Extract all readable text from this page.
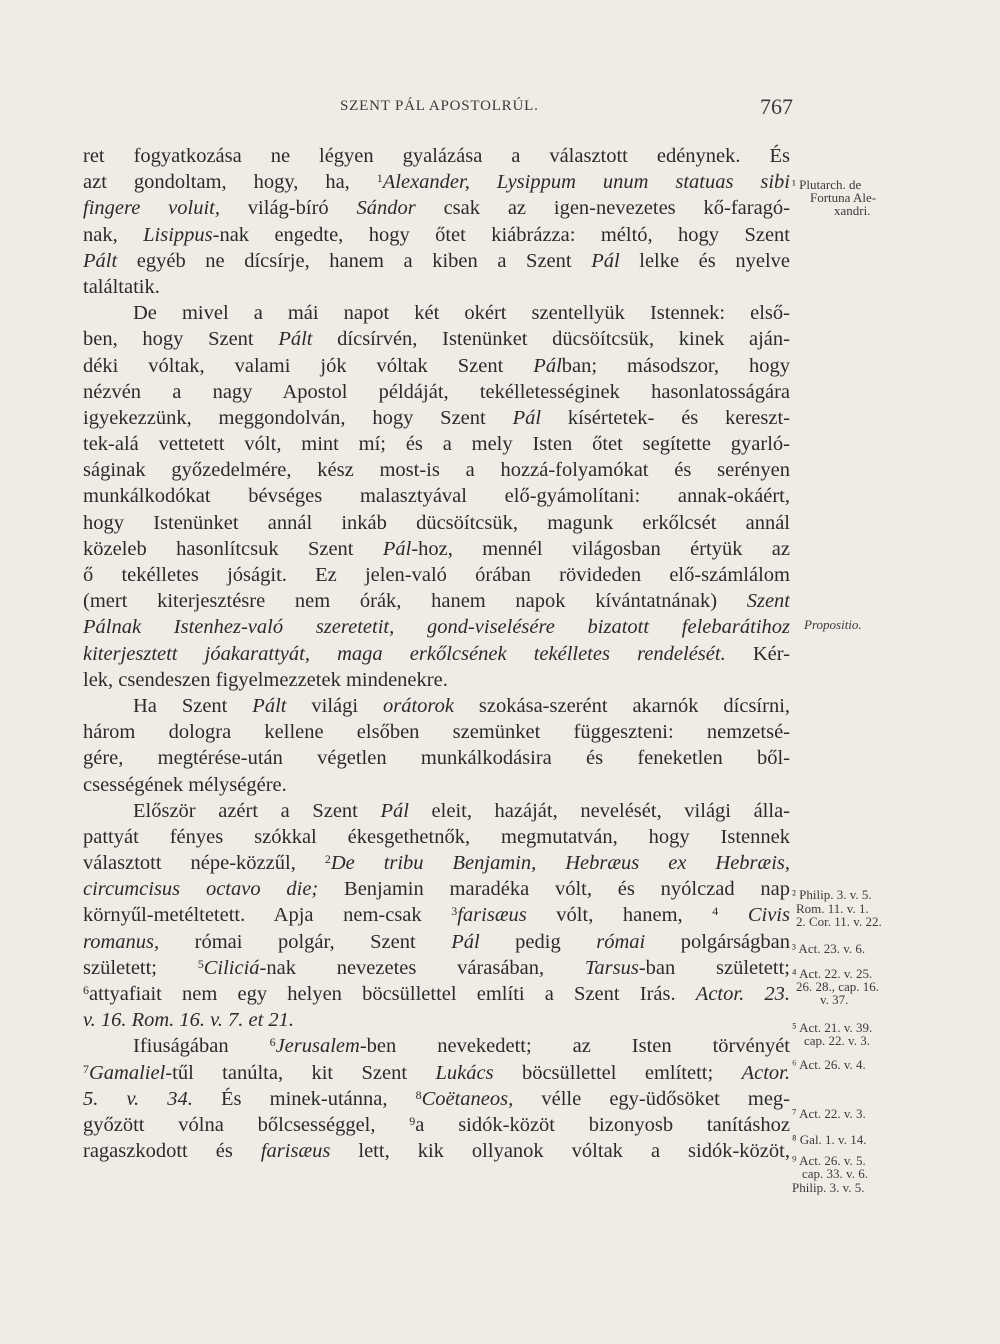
SZENT PÁL APOSTOLRÚL.	767
ret fogyatkozása ne légyen gyalázása a választott edénynek. És
azt gondoltam, hogy, ha, $^1$Alexander, Lysippum unum statuas sibi
fingere voluit, világ-bíró Sándor csak az igen-nevezetes kő-faragó-
nak, Lisippus-nak engedte, hogy őtet kiábrázza: méltó, hogy Szent
Pált egyéb ne dícsírje, hanem a kiben a Szent Pál lelke és nyelve
találtatik.
De mivel a mái napot két okért szentellyük Istennek: első-
ben, hogy Szent Pált dícsírvén, Istenünket dücsöítcsük, kinek aján-
déki vóltak, valami jók vóltak Szent Pálban; másodszor, hogy
nézvén a nagy Apostol példáját, tekélletességinek hasonlatosságára
igyekezzünk, meggondolván, hogy Szent Pál kísértetek- és kereszt-
tek-alá vettetett vólt, mint mí; és a mely Isten őtet segítette gyarló-
ságinak győzedelmére, kész most-is a hozzá-folyamókat és serényen
munkálkodókat bévséges malasztyával elő-gyámolítani: annak-okáért,
hogy Istenünket annál inkáb dücsöítcsük, magunk erkőlcsét annál
közeleb hasonlítcsuk Szent Pál-hoz, mennél világosban értyük az
ő tekélletes jóságit. Ez jelen-való órában rövideden elő-számlálom
(mert kiterjesztésre nem órák, hanem napok kívántatnának) Szent
Pálnak Istenhez-való szeretetit, gond-viselésére bizatott felebarátihoz
kiterjesztett jóakarattyát, maga erkőlcsének tekélletes rendelését. Kér-
lek, csendeszen figyelmezzetek mindenekre.
Ha Szent Pált világi orátorok szokása-szerént akarnók dícsírni,
három dologra kellene elsőben szemünket függeszteni: nemzetsé-
gére, megtérése-után végetlen munkálkodásira és feneketlen ből-
csességének mélységére.
Először azért a Szent Pál eleit, hazáját, nevelését, világi álla-
pattyát fényes szókkal ékesgethetnők, megmutatván, hogy Istennek
választott népe-közzűl, $^2$De tribu Benjamin, Hebræus ex Hebræis,
circumcisus octavo die; Benjamin maradéka vólt, és nyólczad nap
környűl-metéltetett. Apja nem-csak $^3$farisæus vólt, hanem, $^4$ Civis
romanus, római polgár, Szent Pál pedig római polgárságban
született; $^5$Ciliciá-nak nevezetes várasában, Tarsus-ban született;
$^6$attyafiait nem egy helyen böcsüllettel említi a Szent Irás. Actor. 23.
v. 16. Rom. 16. v. 7. et 21.
Ifiuságában $^6$Jerusalem-ben nevekedett; az Isten törvényét
$^7$Gamaliel-tűl tanúlta, kit Szent Lukács böcsüllettel említett; Actor.
5. v. 34. És minek-utánna, $^8$Coëtaneos, vélle egy-üdősöket meg-
győzött vólna bőlcsességgel, $^9$a sidók-közöt bizonyosb tanításhoz
ragaszkodott és farisæus lett, kik ollyanok vóltak a sidók-közöt,
¹ Plutarch. de
Fortuna Ale-
xandri.
Propositio.
² Philip. 3. v. 5.
Rom. 11. v. 1.
2. Cor. 11. v. 22.
³ Act. 23. v. 6.
⁴ Act. 22. v. 25.
26. 28., cap. 16.
v. 37.
⁵ Act. 21. v. 39.
cap. 22. v. 3.
⁶ Act. 26. v. 4.
⁷ Act. 22. v. 3.
⁸ Gal. 1. v. 14.
⁹ Act. 26. v. 5.
cap. 33. v. 6.
Philip. 3. v. 5.
